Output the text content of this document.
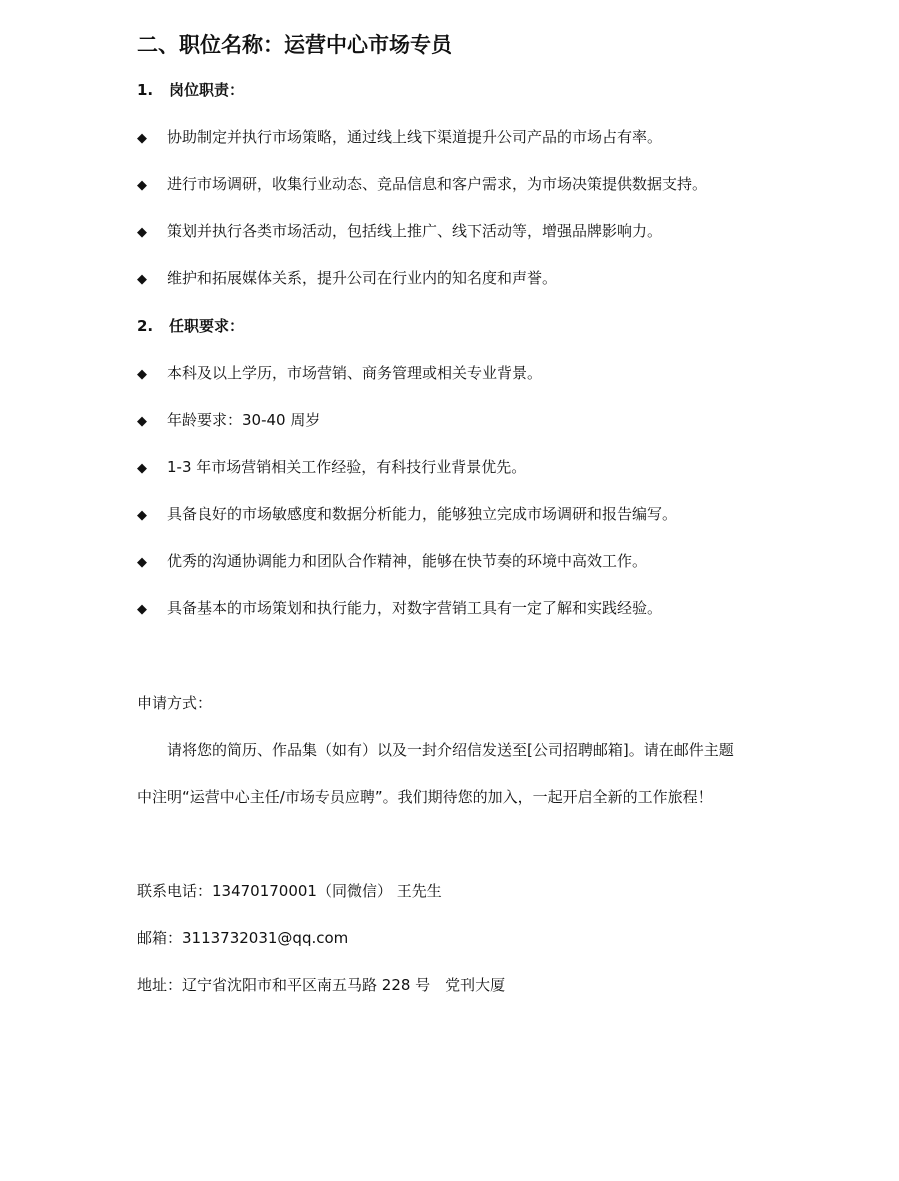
二、职位名称：运营中心市场专员
1. 岗位职责：
◆ 协助制定并执行市场策略，通过线上线下渠道提升公司产品的市场占有率。
◆ 进行市场调研，收集行业动态、竞品信息和客户需求，为市场决策提供数据支持。
◆ 策划并执行各类市场活动，包括线上推广、线下活动等，增强品牌影响力。
◆ 维护和拓展媒体关系，提升公司在行业内的知名度和声誉。
2. 任职要求：
◆ 本科及以上学历，市场营销、商务管理或相关专业背景。
◆ 年龄要求：30-40 周岁
◆ 1-3 年市场营销相关工作经验，有科技行业背景优先。
◆ 具备良好的市场敏感度和数据分析能力，能够独立完成市场调研和报告编写。
◆ 优秀的沟通协调能力和团队合作精神，能够在快节奏的环境中高效工作。
◆ 具备基本的市场策划和执行能力，对数字营销工具有一定了解和实践经验。
申请方式：
请将您的简历、作品集（如有）以及一封介绍信发送至[公司招聘邮箱]。请在邮件主题
中注明“运营中心主任/市场专员应聘”。我们期待您的加入，一起开启全新的工作旅程！
联系电话：13470170001（同微信） 王先生
邮箱：3113732031@qq.com
地址：辽宁省沈阳市和平区南五马路 228 号　党刊大厦
